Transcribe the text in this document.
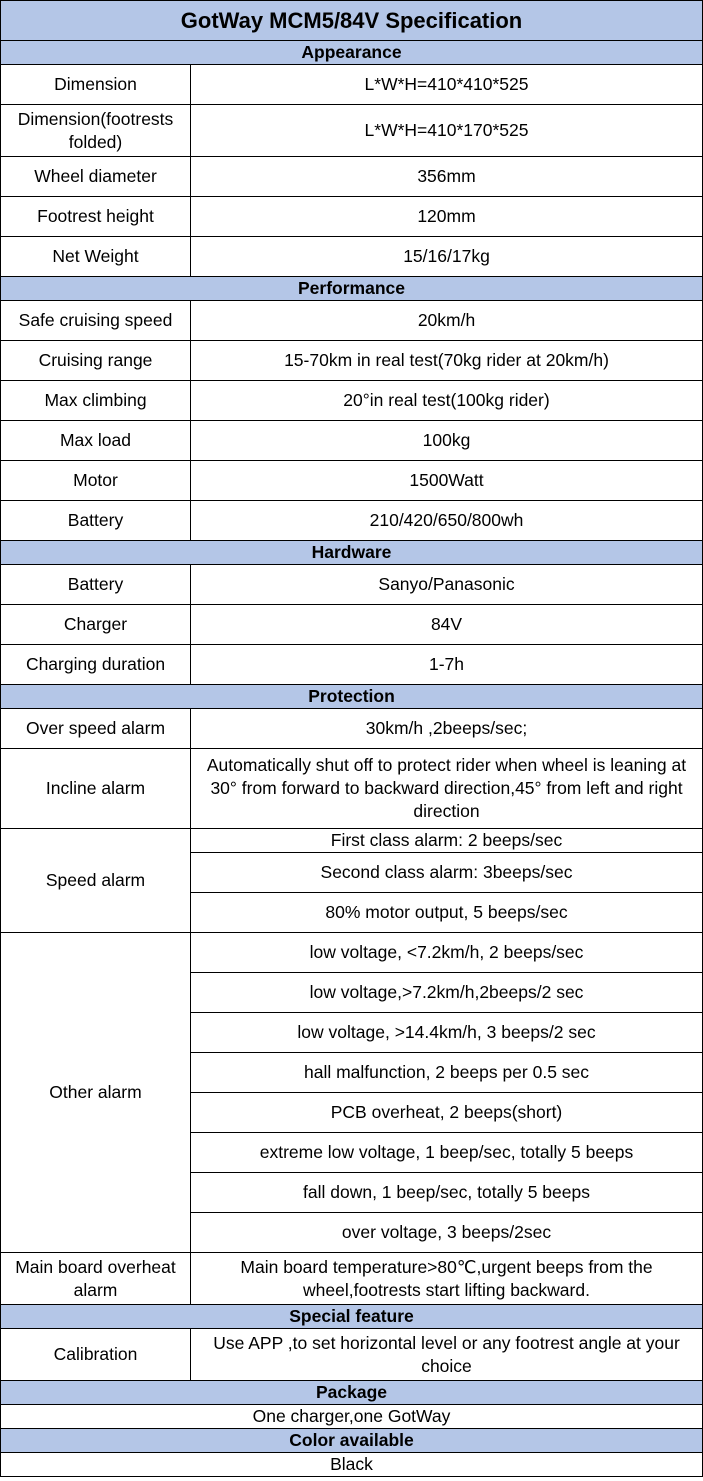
GotWay MCM5/84V Specification	
Appearance	
Dimension	L*W*H=410*410*525
Dimension(footrests folded)	L*W*H=410*170*525
Wheel diameter	356mm
Footrest height	120mm
Net Weight	15/16/17kg
Performance	
Safe cruising speed	20km/h
Cruising range	15-70km in real test(70kg rider at 20km/h)
Max climbing	20°in real test(100kg rider)
Max load	100kg
Motor	1500Watt
Battery	210/420/650/800wh
Hardware	
Battery	Sanyo/Panasonic
Charger	84V
Charging duration	1-7h
Protection	
Over speed alarm	30km/h ,2beeps/sec;
Incline alarm	Automatically shut off to protect rider when wheel is leaning at 30° from forward to backward direction,45° from left and right direction
Speed alarm	First class alarm: 2 beeps/sec
	Second class alarm: 3beeps/sec
	80% motor output, 5 beeps/sec
Other alarm	low voltage, <7.2km/h, 2 beeps/sec
	low voltage,>7.2km/h,2beeps/2 sec
	low voltage, >14.4km/h, 3 beeps/2 sec
	hall malfunction, 2 beeps per 0.5 sec
	PCB overheat, 2 beeps(short)
	extreme low voltage, 1 beep/sec, totally 5 beeps
	fall down, 1 beep/sec, totally 5 beeps
	over voltage, 3 beeps/2sec
Main board overheat alarm	Main board temperature>80℃,urgent beeps from the wheel,footrests start lifting backward.
Special feature	
Calibration	Use APP ,to set horizontal level or any footrest angle at your choice
Package	
One charger,one GotWay	
Color available	
Black	
